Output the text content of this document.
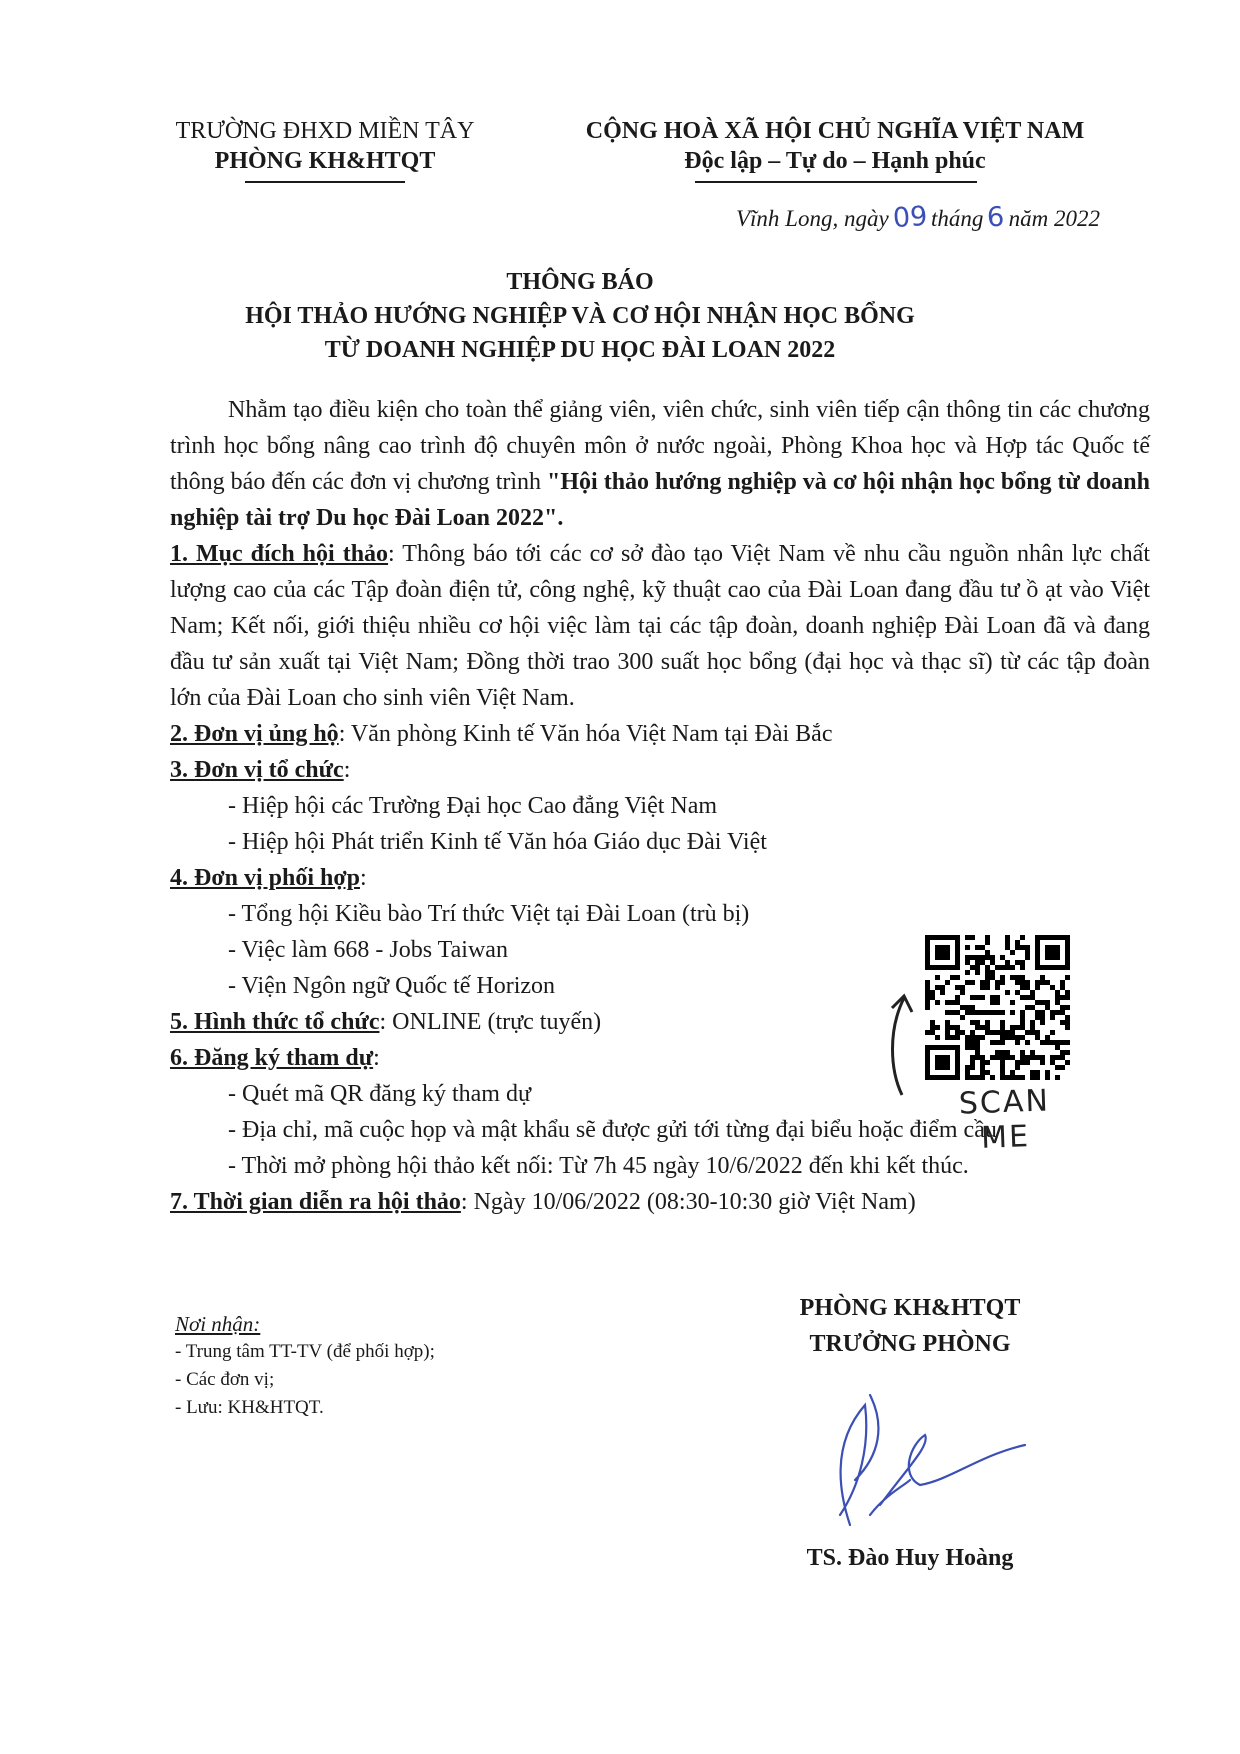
TRƯỜNG ĐHXD MIỀN TÂY
PHÒNG KH&HTQT
CỘNG HOÀ XÃ HỘI CHỦ NGHĨA VIỆT NAM
Độc lập – Tự do – Hạnh phúc
Vĩnh Long, ngày 09 tháng 6 năm 2022
THÔNG BÁO
HỘI THẢO HƯỚNG NGHIỆP VÀ CƠ HỘI NHẬN HỌC BỔNG
TỪ DOANH NGHIỆP DU HỌC ĐÀI LOAN 2022

Nhằm tạo điều kiện cho toàn thể giảng viên, viên chức, sinh viên tiếp cận thông tin các chương trình học bổng nâng cao trình độ chuyên môn ở nước ngoài, Phòng Khoa học và Hợp tác Quốc tế thông báo đến các đơn vị chương trình "Hội thảo hướng nghiệp và cơ hội nhận học bổng từ doanh nghiệp tài trợ Du học Đài Loan 2022".

1. Mục đích hội thảo: Thông báo tới các cơ sở đào tạo Việt Nam về nhu cầu nguồn nhân lực chất lượng cao của các Tập đoàn điện tử, công nghệ, kỹ thuật cao của Đài Loan đang đầu tư ồ ạt vào Việt Nam; Kết nối, giới thiệu nhiều cơ hội việc làm tại các tập đoàn, doanh nghiệp Đài Loan đã và đang đầu tư sản xuất tại Việt Nam; Đồng thời trao 300 suất học bổng (đại học và thạc sĩ) từ các tập đoàn lớn của Đài Loan cho sinh viên Việt Nam.

2. Đơn vị ủng hộ: Văn phòng Kinh tế Văn hóa Việt Nam tại Đài Bắc
3. Đơn vị tổ chức:
- Hiệp hội các Trường Đại học Cao đẳng Việt Nam
- Hiệp hội Phát triển Kinh tế Văn hóa Giáo dục Đài Việt
4. Đơn vị phối hợp:
- Tổng hội Kiều bào Trí thức Việt tại Đài Loan (trù bị)
- Việc làm 668 - Jobs Taiwan
- Viện Ngôn ngữ Quốc tế Horizon
5. Hình thức tổ chức: ONLINE (trực tuyến)
6. Đăng ký tham dự:
- Quét mã QR đăng ký tham dự
- Địa chỉ, mã cuộc họp và mật khẩu sẽ được gửi tới từng đại biểu hoặc điểm cầu
- Thời mở phòng hội thảo kết nối: Từ 7h 45 ngày 10/6/2022 đến khi kết thúc.
7. Thời gian diễn ra hội thảo: Ngày 10/06/2022 (08:30-10:30 giờ Việt Nam)
SCAN ME
Nơi nhận:
- Trung tâm TT-TV (để phối hợp);
- Các đơn vị;
- Lưu: KH&HTQT.
PHÒNG KH&HTQT
TRƯỞNG PHÒNG
TS. Đào Huy Hoàng
